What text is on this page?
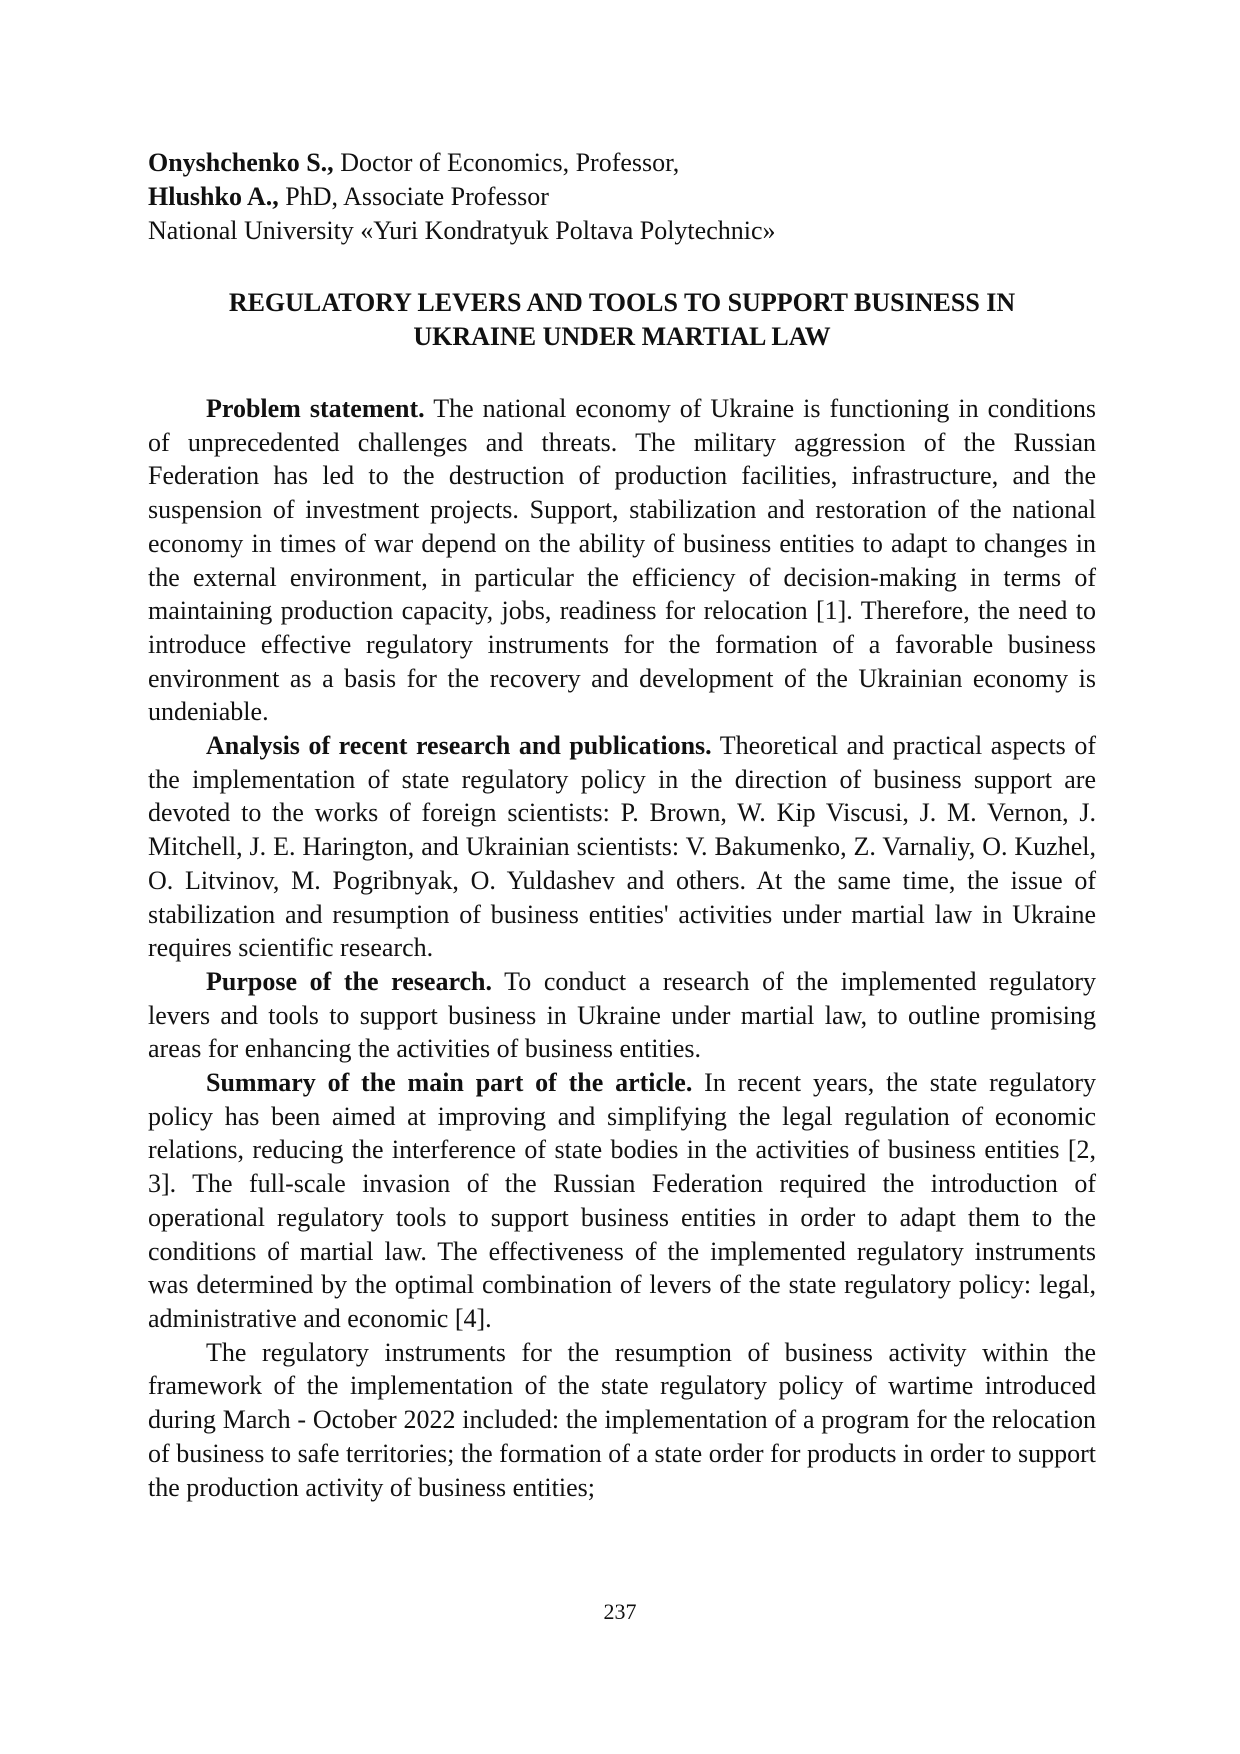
Onyshchenko S., Doctor of Economics, Professor,
Hlushko A., PhD, Associate Professor
National University «Yuri Kondratyuk Poltava Polytechnic»
REGULATORY LEVERS AND TOOLS TO SUPPORT BUSINESS IN
UKRAINE UNDER MARTIAL LAW

Problem statement. The national economy of Ukraine is functioning in conditions of unprecedented challenges and threats. The military aggression of the Russian Federation has led to the destruction of production facilities, infrastructure, and the suspension of investment projects. Support, stabilization and restoration of the national economy in times of war depend on the ability of business entities to adapt to changes in the external environment, in particular the efficiency of decision-making in terms of maintaining production capacity, jobs, readiness for relocation [1]. Therefore, the need to introduce effective regulatory instruments for the formation of a favorable business environment as a basis for the recovery and development of the Ukrainian economy is undeniable.

Analysis of recent research and publications. Theoretical and practical aspects of the implementation of state regulatory policy in the direction of business support are devoted to the works of foreign scientists: P. Brown, W. Kip Viscusi, J. M. Vernon, J. Mitchell, J. E. Harington, and Ukrainian scientists: V. Bakumenko, Z. Varnaliy, O. Kuzhel, O. Litvinov, M. Pogribnyak, O. Yuldashev and others. At the same time, the issue of stabilization and resumption of business entities' activities under martial law in Ukraine requires scientific research.

Purpose of the research. To conduct a research of the implemented regulatory levers and tools to support business in Ukraine under martial law, to outline promising areas for enhancing the activities of business entities.

Summary of the main part of the article. In recent years, the state regulatory policy has been aimed at improving and simplifying the legal regulation of economic relations, reducing the interference of state bodies in the activities of business entities [2, 3]. The full-scale invasion of the Russian Federation required the introduction of operational regulatory tools to support business entities in order to adapt them to the conditions of martial law. The effectiveness of the implemented regulatory instruments was determined by the optimal combination of levers of the state regulatory policy: legal, administrative and economic [4].

The regulatory instruments for the resumption of business activity within the framework of the implementation of the state regulatory policy of wartime introduced during March - October 2022 included: the implementation of a program for the relocation of business to safe territories; the formation of a state order for products in order to support the production activity of business entities;

237
